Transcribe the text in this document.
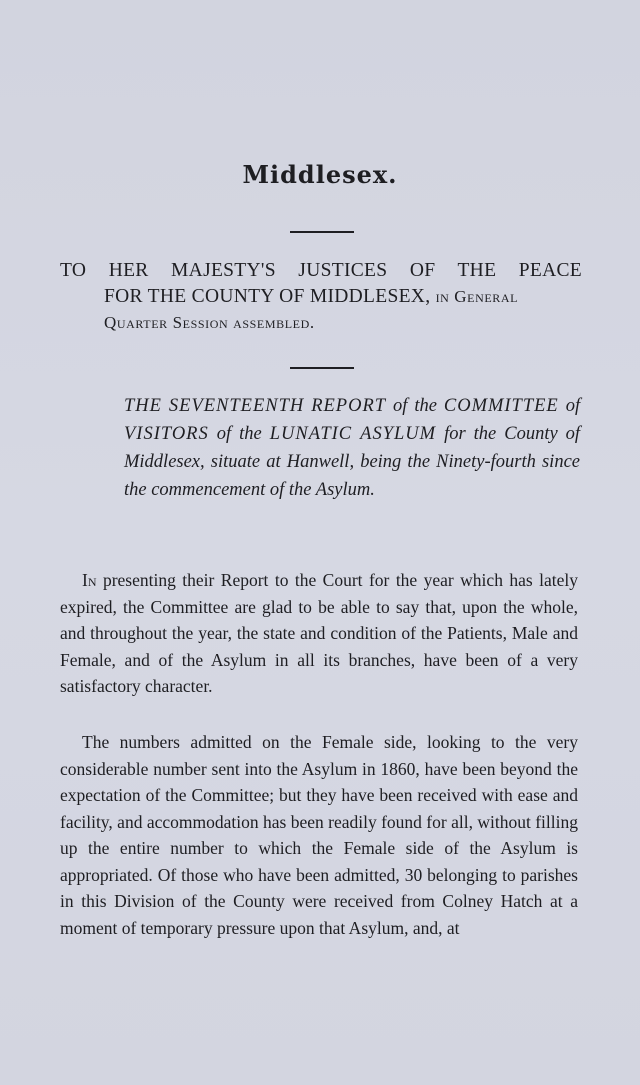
Middlesex.
TO HER MAJESTY'S JUSTICES OF THE PEACE
FOR THE COUNTY OF MIDDLESEX, in General
Quarter Session assembled.
THE SEVENTEENTH REPORT of the COMMITTEE of VISITORS of the LUNATIC ASYLUM for the County of Middlesex, situate at Hanwell, being the Ninety-fourth since the commencement of the Asylum.
In presenting their Report to the Court for the year which has lately expired, the Committee are glad to be able to say that, upon the whole, and throughout the year, the state and condition of the Patients, Male and Female, and of the Asylum in all its branches, have been of a very satisfactory character.
The numbers admitted on the Female side, looking to the very considerable number sent into the Asylum in 1860, have been beyond the expectation of the Committee; but they have been received with ease and facility, and accommodation has been readily found for all, without filling up the entire number to which the Female side of the Asylum is appropriated. Of those who have been admitted, 30 belonging to parishes in this Division of the County were received from Colney Hatch at a moment of temporary pressure upon that Asylum, and, at
